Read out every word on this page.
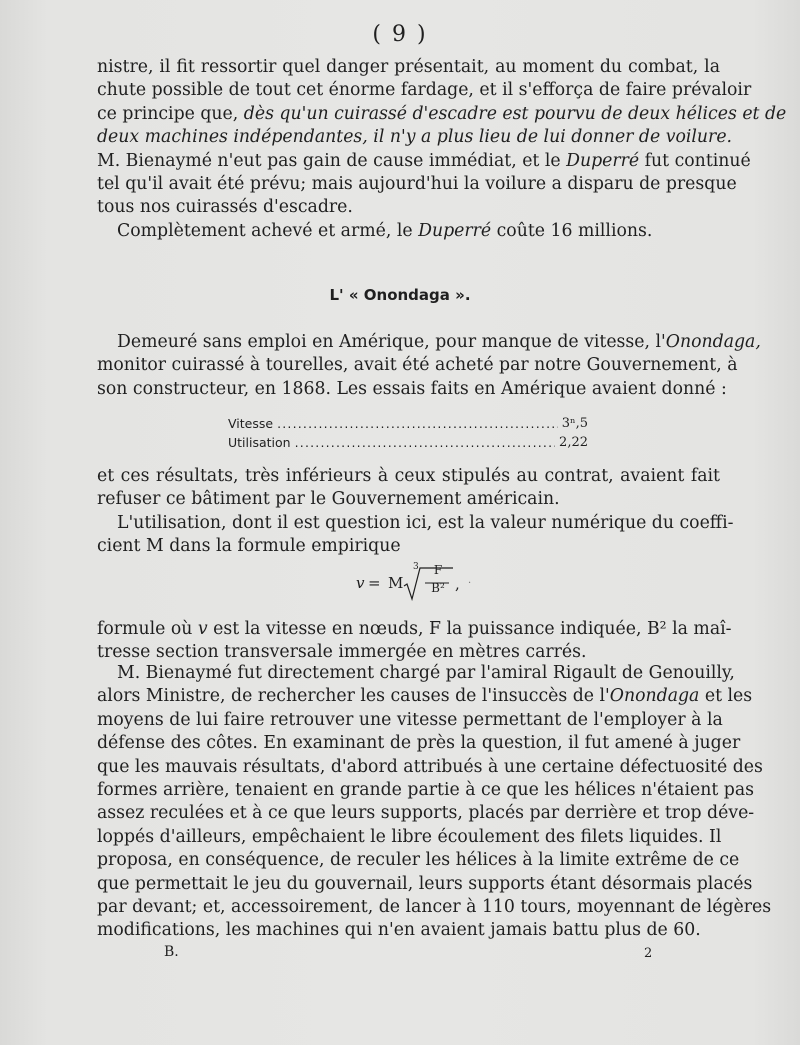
( 9 )
nistre, il fit ressortir quel danger présentait, au moment du combat, la
chute possible de tout cet énorme fardage, et il s'efforça de faire prévaloir
ce principe que, dès qu'un cuirassé d'escadre est pourvu de deux hélices et de
deux machines indépendantes, il n'y a plus lieu de lui donner de voilure.
M. Bienaymé n'eut pas gain de cause immédiat, et le Duperré fut continué
tel qu'il avait été prévu; mais aujourd'hui la voilure a disparu de presque
tous nos cuirassés d'escadre.
Complètement achevé et armé, le Duperré coûte 16 millions.
L' « Onondaga ».
Demeuré sans emploi en Amérique, pour manque de vitesse, l'Onondaga,
monitor cuirassé à tourelles, avait été acheté par notre Gouvernement, à
son constructeur, en 1868. Les essais faits en Amérique avaient donné :
Vitesse .....	3ⁿ,5
Utilisation .....	2,22
et ces résultats, très inférieurs à ceux stipulés au contrat, avaient fait
refuser ce bâtiment par le Gouvernement américain.
L'utilisation, dont il est question ici, est la valeur numérique du coeffi-
cient M dans la formule empirique
v = M
3	F
B² , ·
formule où v est la vitesse en nœuds, F la puissance indiquée, B² la maî-
tresse section transversale immergée en mètres carrés.
M. Bienaymé fut directement chargé par l'amiral Rigault de Genouilly,
alors Ministre, de rechercher les causes de l'insuccès de l'Onondaga et les
moyens de lui faire retrouver une vitesse permettant de l'employer à la
défense des côtes. En examinant de près la question, il fut amené à juger
que les mauvais résultats, d'abord attribués à une certaine défectuosité des
formes arrière, tenaient en grande partie à ce que les hélices n'étaient pas
assez reculées et à ce que leurs supports, placés par derrière et trop déve-
loppés d'ailleurs, empêchaient le libre écoulement des filets liquides. Il
proposa, en conséquence, de reculer les hélices à la limite extrême de ce
que permettait le jeu du gouvernail, leurs supports étant désormais placés
par devant; et, accessoirement, de lancer à 110 tours, moyennant de légères
modifications, les machines qui n'en avaient jamais battu plus de 60.
B.	2
